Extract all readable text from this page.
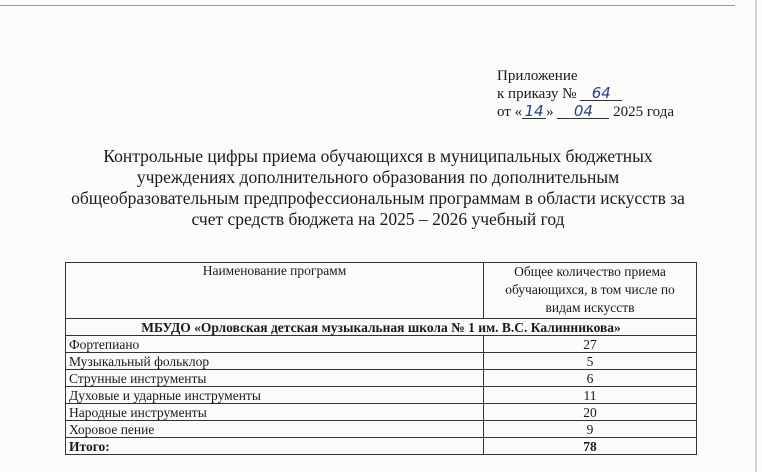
Приложение
к приказу № 64
от « 14 » 04 2025 года
Контрольные цифры приема обучающихся в муниципальных бюджетных учреждениях дополнительного образования по дополнительным общеобразовательным предпрофессиональным программам в области искусств за счет средств бюджета на 2025 – 2026 учебный год
Наименование программ	Общее количество приема обучающихся, в том числе по видам искусств
МБУДО «Орловская детская музыкальная школа № 1 им. В.С. Калинникова»	
Фортепиано	27
Музыкальный фольклор	5
Струнные инструменты	6
Духовые и ударные инструменты	11
Народные инструменты	20
Хоровое пение	9
Итого:	78
